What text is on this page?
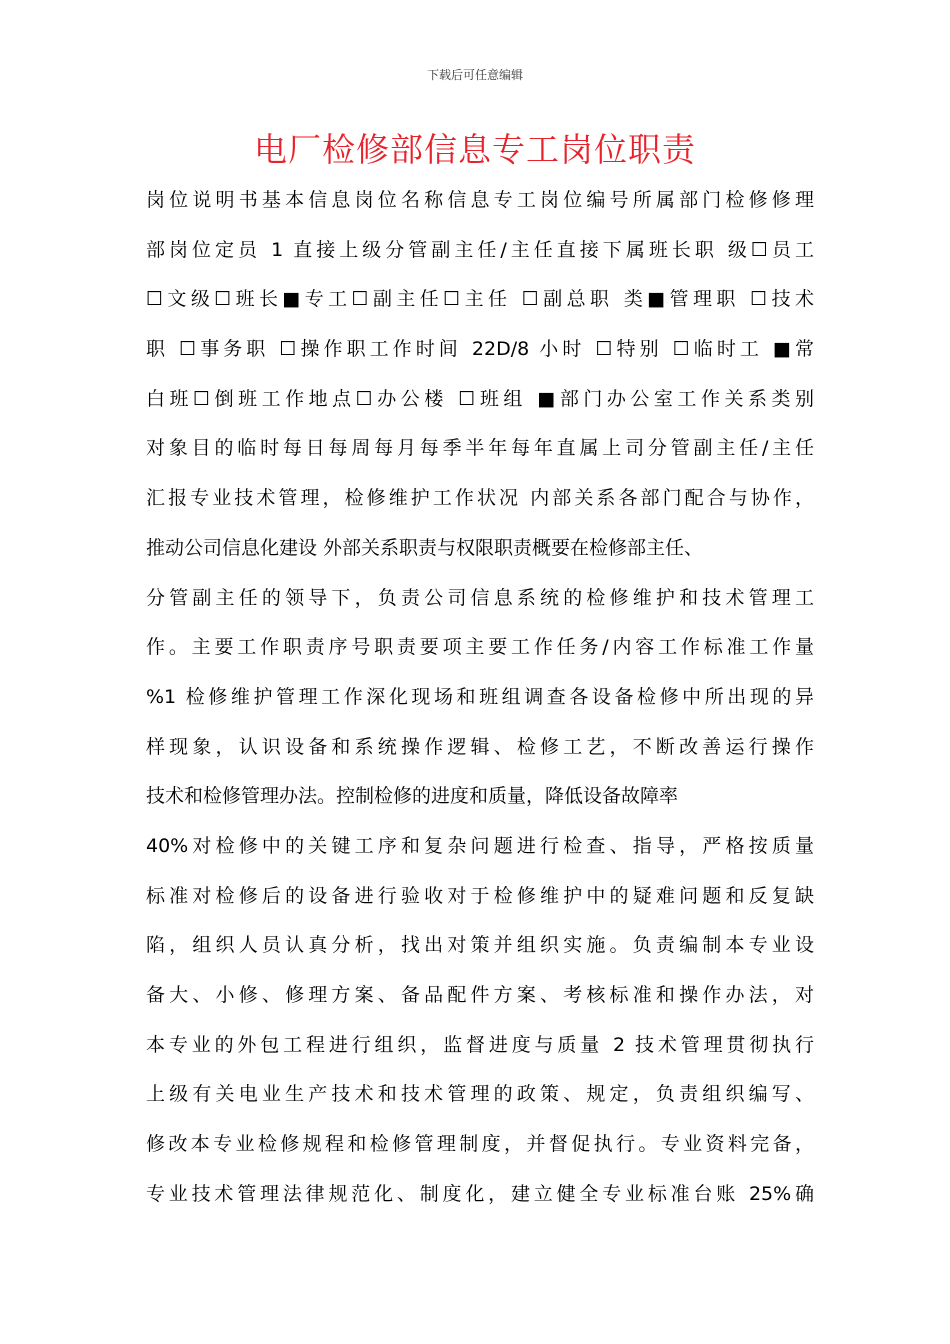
下载后可任意编辑
电厂检修部信息专工岗位职责
岗位说明书基本信息岗位名称信息专工岗位编号所属部门检修修理
部岗位定员 1 直接上级分管副主任/主任直接下属班长职 级☐员工
☐文级☐班长■专工☐副主任☐主任 ☐副总职 类■管理职 ☐技术
职 ☐事务职 ☐操作职工作时间 22D/8 小时 ☐特别 ☐临时工 ■常
白班☐倒班工作地点☐办公楼 ☐班组 ■部门办公室工作关系类别
对象目的临时每日每周每月每季半年每年直属上司分管副主任/主任
汇报专业技术管理，检修维护工作状况 内部关系各部门配合与协作，
推动公司信息化建设 外部关系职责与权限职责概要在检修部主任、
分管副主任的领导下，负责公司信息系统的检修维护和技术管理工
作。主要工作职责序号职责要项主要工作任务/内容工作标准工作量
%1 检修维护管理工作深化现场和班组调查各设备检修中所出现的异
样现象，认识设备和系统操作逻辑、检修工艺，不断改善运行操作
技术和检修管理办法。控制检修的进度和质量，降低设备故障率
40%对检修中的关键工序和复杂问题进行检查、指导，严格按质量
标准对检修后的设备进行验收对于检修维护中的疑难问题和反复缺
陷，组织人员认真分析，找出对策并组织实施。负责编制本专业设
备大、小修、修理方案、备品配件方案、考核标准和操作办法，对
本专业的外包工程进行组织，监督进度与质量 2 技术管理贯彻执行
上级有关电业生产技术和技术管理的政策、规定，负责组织编写、
修改本专业检修规程和检修管理制度，并督促执行。专业资料完备，
专业技术管理法律规范化、制度化，建立健全专业标准台账 25%确
